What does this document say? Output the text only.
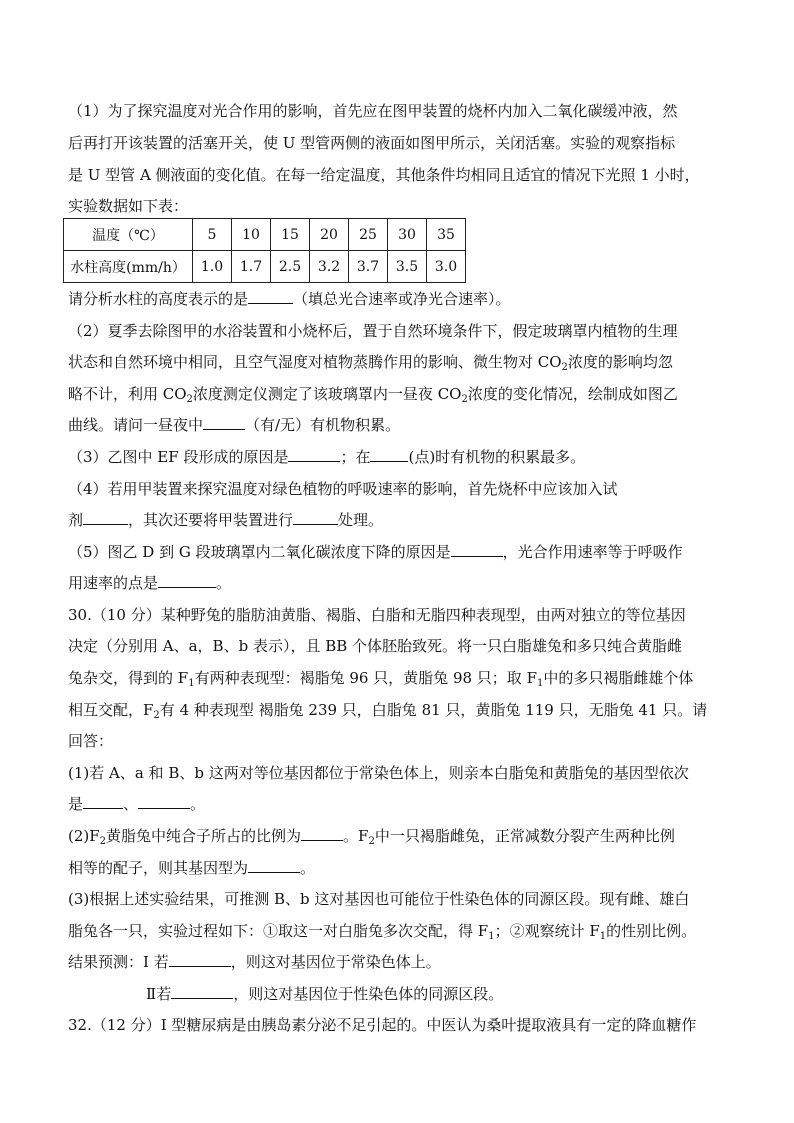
（1）为了探究温度对光合作用的影响，首先应在图甲装置的烧杯内加入二氧化碳缓冲液，然
后再打开该装置的活塞开关，使 U 型管两侧的液面如图甲所示，关闭活塞。实验的观察指标
是 U 型管 A 侧液面的变化值。在每一给定温度，其他条件均相同且适宜的情况下光照 1 小时，
实验数据如下表：
温度（℃）	5	10	15	20	25	30	35
水柱高度(mm/h）	1.0	1.7	2.5	3.2	3.7	3.5	3.0
请分析水柱的高度表示的是	（填总光合速率或净光合速率）。
（2）夏季去除图甲的水浴装置和小烧杯后，置于自然环境条件下，假定玻璃罩内植物的生理
状态和自然环境中相同，且空气湿度对植物蒸腾作用的影响、微生物对 $CO_2$浓度的影响均忽
略不计，利用 $CO_2$浓度测定仪测定了该玻璃罩内一昼夜 $CO_2$浓度的变化情况，绘制成如图乙
曲线。请问一昼夜中	（有/无）有机物积累。
（3）乙图中 EF 段形成的原因是	；在	(点)时有机物的积累最多。
（4）若用甲装置来探究温度对绿色植物的呼吸速率的影响，首先烧杯中应该加入试
剂	，其次还要将甲装置进行	处理。
（5）图乙 D 到 G 段玻璃罩内二氧化碳浓度下降的原因是	，光合作用速率等于呼吸作
用速率的点是	。
30.（10 分）某种野兔的脂肪油黄脂、褐脂、白脂和无脂四种表现型，由两对独立的等位基因
决定（分别用 A、a，B、b 表示），且 BB 个体胚胎致死。将一只白脂雄兔和多只纯合黄脂雌
兔杂交，得到的 $F_1$有两种表现型：褐脂兔 96 只，黄脂兔 98 只；取 $F_1$中的多只褐脂雌雄个体
相互交配，$F_2$有 4 种表现型 褐脂兔 239 只，白脂兔 81 只，黄脂兔 119 只，无脂兔 41 只。请
回答：
(1)若 A、a 和 B、b 这两对等位基因都位于常染色体上，则亲本白脂兔和黄脂兔的基因型依次
是	、	。
$(2)F_2$黄脂兔中纯合子所占的比例为	。$F_2$中一只褐脂雌兔，正常减数分裂产生两种比例
相等的配子，则其基因型为	。
(3)根据上述实验结果，可推测 B、b 这对基因也可能位于性染色体的同源区段。现有雌、雄白
脂兔各一只，实验过程如下：①取这一对白脂兔多次交配，得 $F_1$；②观察统计 $F_1$的性别比例。
结果预测：I 若	，则这对基因位于常染色体上。
Ⅱ若	，则这对基因位于性染色体的同源区段。
32.（12 分）I 型糖尿病是由胰岛素分泌不足引起的。中医认为桑叶提取液具有一定的降血糖作
